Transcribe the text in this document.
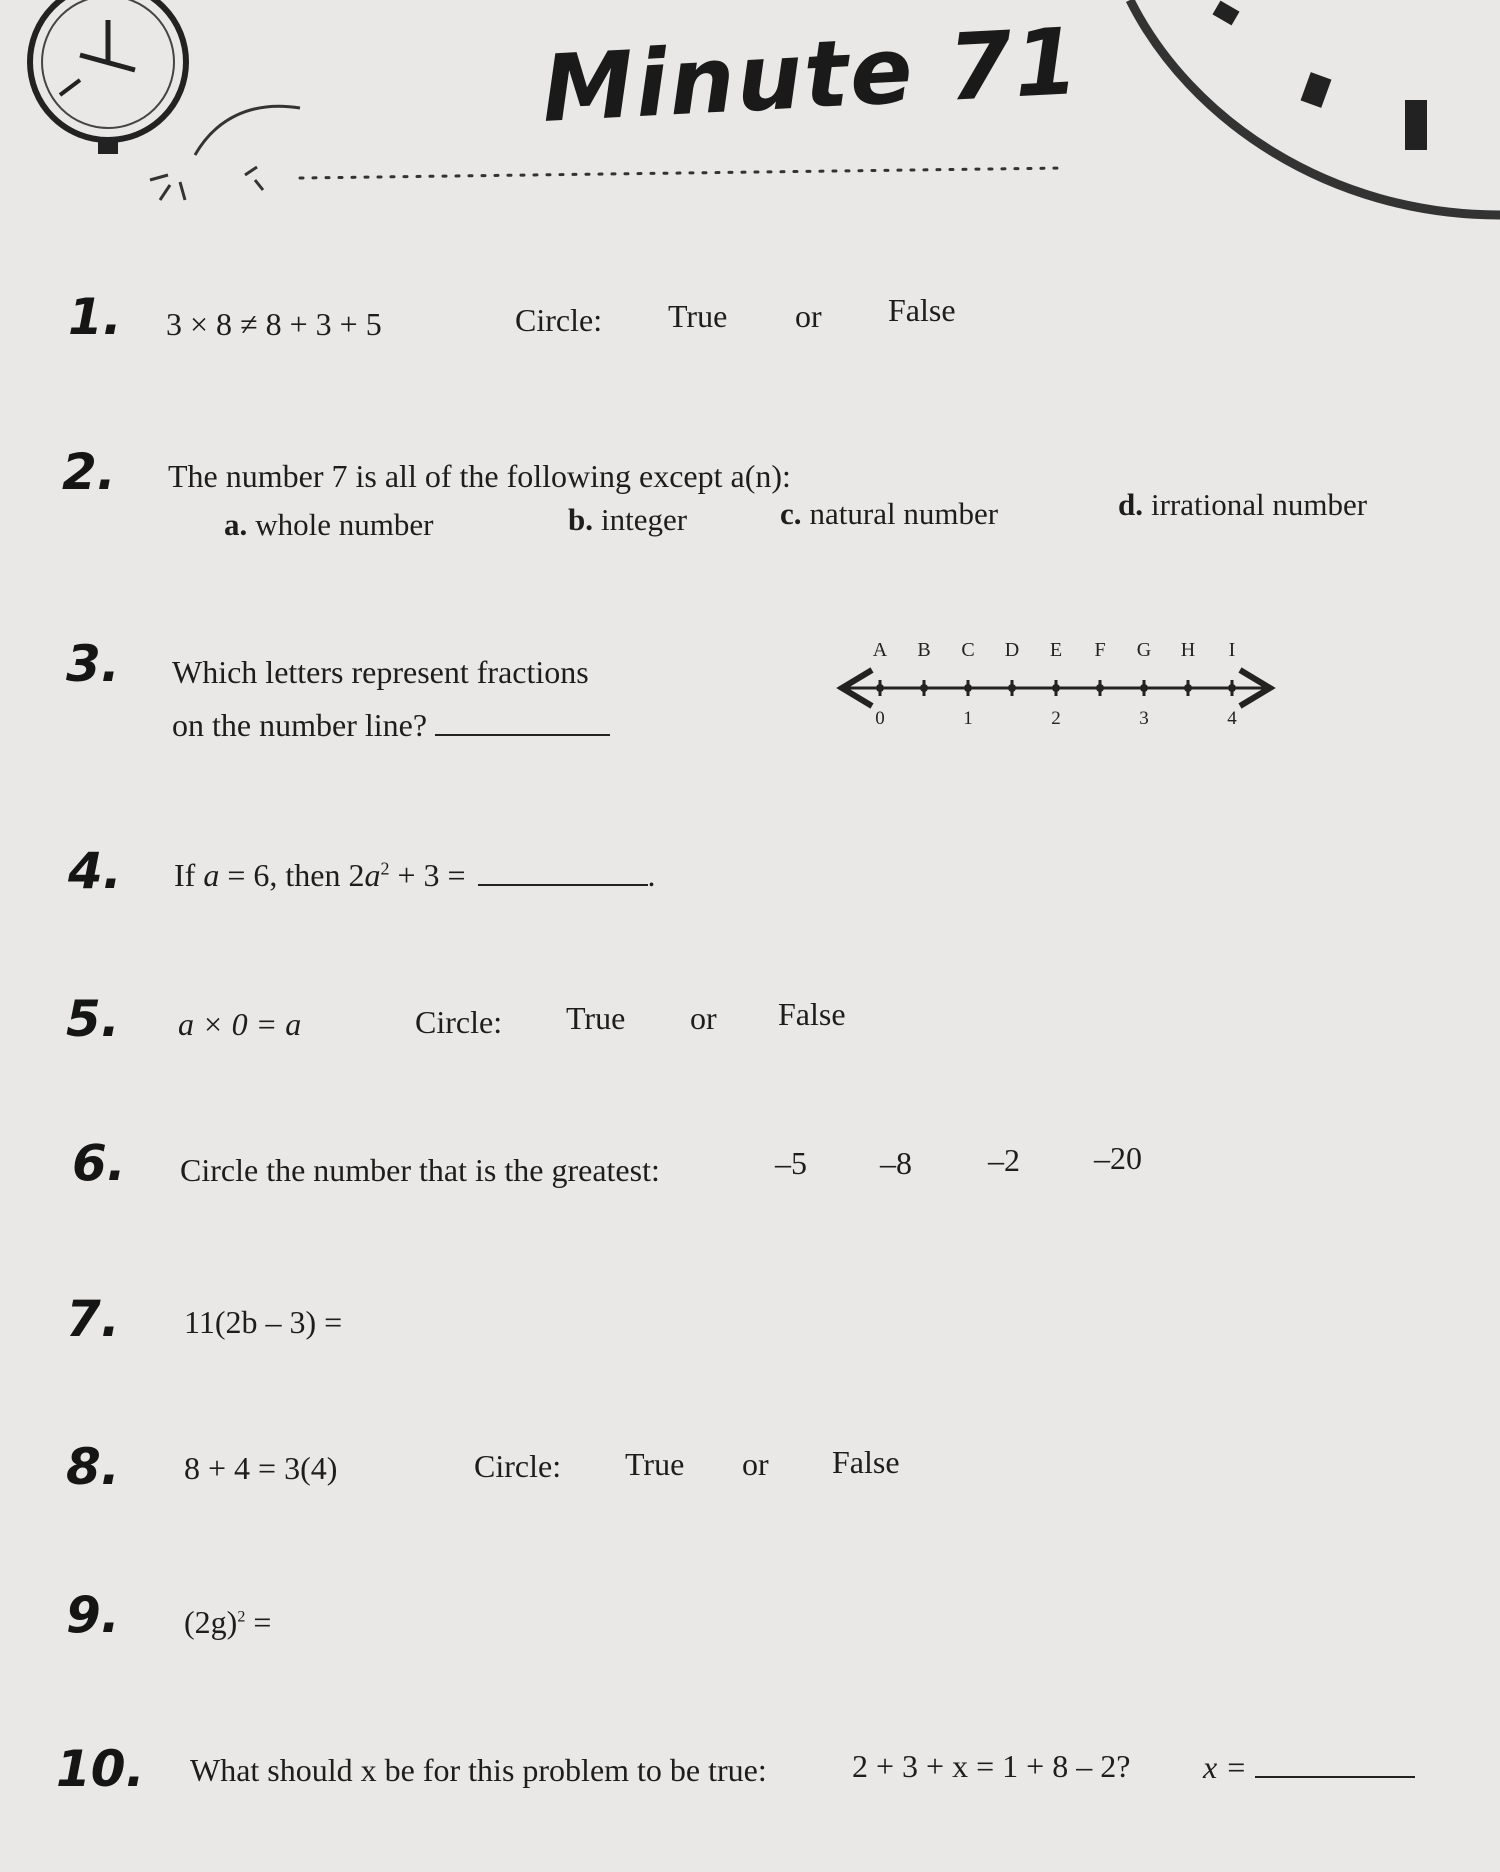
Minute 71
1. 3 × 8 ≠ 8 + 3 + 5	Circle: True or False
2. The number 7 is all of the following except a(n):
a. whole number	b. integer	c. natural number	d. irrational number
3. Which letters represent fractions
on the number line?
A B C D E F G H I
0	1	2	3	4
4. If a = 6, then $2a^2 + 3$ =	.
5. a × 0 = a	Circle: True or False
6. Circle the number that is the greatest:	–5 –8 –2 –20
7. 11(2b – 3) =
8. 8 + 4 = 3(4)	Circle: True or False
9. $(2g)^2$ =
10. What should x be for this problem to be true:	2 + 3 + x = 1 + 8 – 2? x =
